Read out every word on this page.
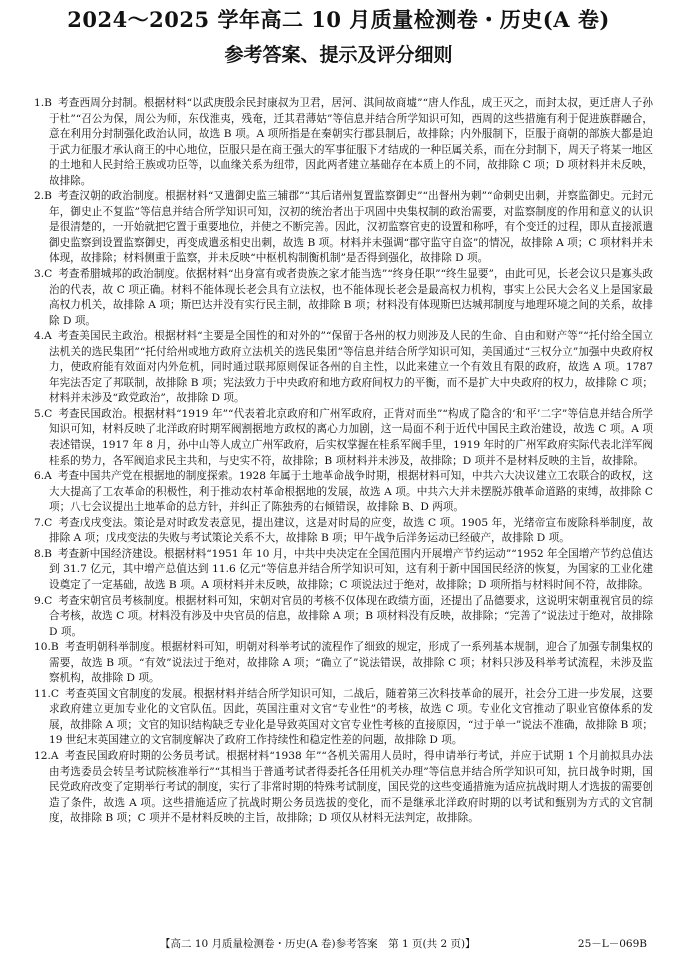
2024～2025 学年高二 10 月质量检测卷・历史(A 卷)
参考答案、提示及评分细则

1.B 考查西周分封制。根据材料“以武庚殷余民封康叔为卫君，居河、淇间故商墟”“唐人作乱，成王灭之，而封太叔，更迁唐人子孙于杜”“召公为保，周公为师，东伐淮夷，残奄，迁其君薄姑”等信息并结合所学知识可知，西周的这些措施有利于促进族群融合，意在利用分封制强化政治认同，故选 B 项。A 项所指是在秦朝实行郡县制后，故排除；内外服制下，臣服于商朝的部族大都是迫于武力征服才承认商王的中心地位，臣服只是在商王强大的军事征服下才结成的一种臣属关系，而在分封制下，周天子将某一地区的土地和人民封给王族或功臣等，以血缘关系为纽带，因此两者建立基础存在本质上的不同，故排除 C 项；D 项材料并未反映，故排除。

2.B 考查汉朝的政治制度。根据材料“又遣御史监三辅郡”“其后诸州复置监察御史”“出督州为刺”“命刺史出刺，并察监御史。元封元年，御史止不复监”等信息并结合所学知识可知，汉初的统治者出于巩固中央集权制的政治需要，对监察制度的作用和意义的认识是很清楚的，一开始就把它置于重要地位，并使之不断完善。因此，汉初监察官吏的设置和称呼，有个变迁的过程，即从直接派遣御史监察到设置监察御史，再变成遣丞相史出刺，故选 B 项。材料并未强调“郡守监守自盗”的情况，故排除 A 项；C 项材料并未体现，故排除；材料侧重于监察，并未反映“中枢机构制衡机制”是否得到强化，故排除 D 项。

3.C 考查希腊城邦的政治制度。依据材料“出身富有或者贵族之家才能当选”“终身任职”“终生显要”，由此可见，长老会议只是寡头政治的代表，故 C 项正确。材料不能体现长老会具有立法权，也不能体现长老会是最高权力机构，事实上公民大会名义上是国家最高权力机关，故排除 A 项；斯巴达并没有实行民主制，故排除 B 项；材料没有体现斯巴达城邦制度与地理环境之间的关系，故排除 D 项。

4.A 考查美国民主政治。根据材料“主要是全国性的和对外的”“保留于各州的权力则涉及人民的生命、自由和财产等”“托付给全国立法机关的选民集团”“托付给州或地方政府立法机关的选民集团”等信息并结合所学知识可知，美国通过“三权分立”加强中央政府权力，使政府能有效面对内外危机，同时通过联邦原则保证各州的自主性，以此来建立一个有效且有限的政府，故选 A 项。1787 年宪法否定了邦联制，故排除 B 项；宪法致力于中央政府和地方政府间权力的平衡，而不是扩大中央政府的权力，故排除 C 项；材料并未涉及“政党政治”，故排除 D 项。

5.C 考查民国政治。根据材料“1919 年”“代表着北京政府和广州军政府，正背对而坐”“构成了隐含的‘和平’二字”等信息并结合所学知识可知，材料反映了北洋政府时期军阀割据地方政权的离心力加剧，这一局面不利于近代中国民主政治建设，故选 C 项。A 项表述错误，1917 年 8 月，孙中山等人成立广州军政府，后实权掌握在桂系军阀手里，1919 年时的广州军政府实际代表北洋军阀桂系的势力，各军阀追求民主共和，与史实不符，故排除；B 项材料并未涉及，故排除；D 项并不是材料反映的主旨，故排除。

6.A 考查中国共产党在根据地的制度探索。1928 年属于土地革命战争时期，根据材料可知，中共六大决议建立工农联合的政权，这大大提高了工农革命的积极性，利于推动农村革命根据地的发展，故选 A 项。中共六大并未摆脱苏俄革命道路的束缚，故排除 C 项；八七会议提出土地革命的总方针，并纠正了陈独秀的右倾错误，故排除 B、D 两项。

7.C 考查戊戌变法。策论是对时政发表意见，提出建议，这是对时局的应变，故选 C 项。1905 年，光绪帝宣布废除科举制度，故排除 A 项；戊戌变法的失败与考试策论关系不大，故排除 B 项；甲午战争后洋务运动已经破产，故排除 D 项。

8.B 考查新中国经济建设。根据材料“1951 年 10 月，中共中央决定在全国范围内开展增产节约运动”“1952 年全国增产节约总值达到 31.7 亿元，其中增产总值达到 11.6 亿元”等信息并结合所学知识可知，这有利于新中国国民经济的恢复，为国家的工业化建设奠定了一定基础，故选 B 项。A 项材料并未反映，故排除；C 项说法过于绝对，故排除；D 项所指与材料时间不符，故排除。

9.C 考查宋朝官员考核制度。根据材料可知，宋朝对官员的考核不仅体现在政绩方面，还提出了品德要求，这说明宋朝重视官员的综合考核，故选 C 项。材料没有涉及中央官员的信息，故排除 A 项；B 项材料没有反映，故排除；“完善了”说法过于绝对，故排除 D 项。

10.B 考查明朝科举制度。根据材料可知，明朝对科举考试的流程作了细致的规定，形成了一系列基本规制，迎合了加强专制集权的需要，故选 B 项。“有效”说法过于绝对，故排除 A 项；“确立了”说法错误，故排除 C 项；材料只涉及科举考试流程，未涉及监察机构，故排除 D 项。

11.C 考查英国文官制度的发展。根据材料并结合所学知识可知，二战后，随着第三次科技革命的展开，社会分工进一步发展，这要求政府建立更加专业化的文官队伍。因此，英国注重对文官“专业性”的考核，故选 C 项。专业化文官推动了职业官僚体系的发展，故排除 A 项；文官的知识结构缺乏专业化是导致英国对文官专业性考核的直接原因，“过于单一”说法不准确，故排除 B 项；19 世纪末英国建立的文官制度解决了政府工作持续性和稳定性差的问题，故排除 D 项。

12.A 考查民国政府时期的公务员考试。根据材料“1938 年”“各机关需用人员时，得申请举行考试，并应于试期 1 个月前拟具办法由考选委员会转呈考试院核准举行”“其相当于普通考试者得委托各任用机关办理”等信息并结合所学知识可知，抗日战争时期，国民党政府改变了定期举行考试的制度，实行了非常时期的特殊考试制度，国民党的这些变通措施为适应抗战时期人才选拔的需要创造了条件，故选 A 项。这些措施适应了抗战时期公务员选拔的变化，而不是继承北洋政府时期的以考试和甄别为方式的文官制度，故排除 B 项；C 项并不是材料反映的主旨，故排除；D 项仅从材料无法判定，故排除。

【高二 10 月质量检测卷・历史(A 卷)参考答案　第 1 页(共 2 页)】	25－L－069B
